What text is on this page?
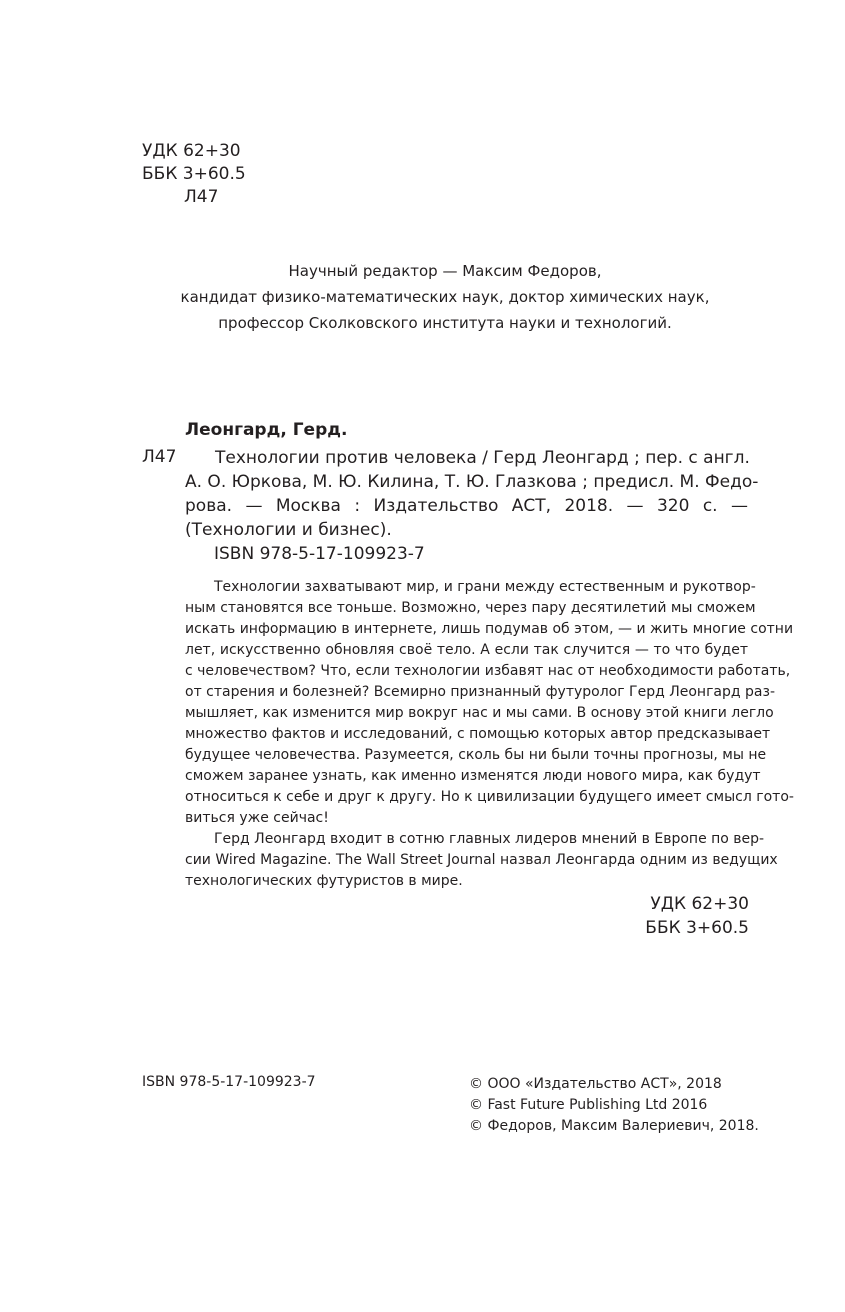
УДК 62+30
ББК 3+60.5
Л47
Научный редактор — Максим Федоров,
кандидат физико-математических наук, доктор химических наук,
профессор Сколковского института науки и технологий.
Леонгард, Герд.
Л47	Технологии против человека / Герд Леонгард ; пер. с англ.
А. О. Юркова, М. Ю. Килина, Т. Ю. Глазкова ; предисл. М. Федо-
рова. — Москва : Издательство АСТ, 2018. — 320 с. —
(Технологии и бизнес).
ISBN 978-5-17-109923-7
Технологии захватывают мир, и грани между естественным и рукотвор-
ным становятся все тоньше. Возможно, через пару десятилетий мы сможем
искать информацию в интернете, лишь подумав об этом, — и жить многие сотни
лет, искусственно обновляя своё тело. А если так случится — то что будет
с человечеством? Что, если технологии избавят нас от необходимости работать,
от старения и болезней? Всемирно признанный футуролог Герд Леонгард раз-
мышляет, как изменится мир вокруг нас и мы сами. В основу этой книги легло
множество фактов и исследований, с помощью которых автор предсказывает
будущее человечества. Разумеется, сколь бы ни были точны прогнозы, мы не
сможем заранее узнать, как именно изменятся люди нового мира, как будут
относиться к себе и друг к другу. Но к цивилизации будущего имеет смысл гото-
виться уже сейчас!
Герд Леонгард входит в сотню главных лидеров мнений в Европе по вер-
сии Wired Magazine. The Wall Street Journal назвал Леонгарда одним из ведущих
технологических футуристов в мире.
УДК 62+30
ББК 3+60.5
ISBN 978-5-17-109923-7	© ООО «Издательство АСТ», 2018
© Fast Future Publishing Ltd 2016
© Федоров, Максим Валериевич, 2018.
